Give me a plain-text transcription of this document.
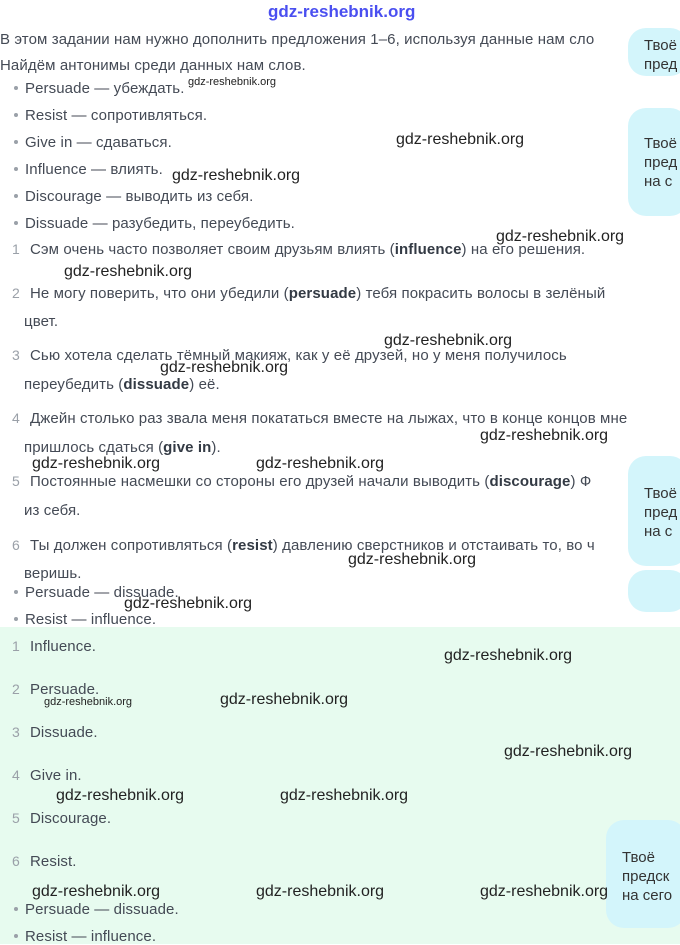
gdz-reshebnik.org
В этом задании нам нужно дополнить предложения 1–6, используя данные нам сло
Найдём антонимы среди данных нам слов.
Persuade — убеждать.
Resist — сопротивляться.
Give in — сдаваться.
Influence — влиять.
Discourage — выводить из себя.
Dissuade — разубедить, переубедить.
1 Сэм очень часто позволяет своим друзьям влиять (influence) на его решения.
2 Не могу поверить, что они убедили (persuade) тебя покрасить волосы в зелёный
цвет.
3 Сью хотела сделать тёмный макияж, как у её друзей, но у меня получилось
переубедить (dissuade) её.
4 Джейн столько раз звала меня покататься вместе на лыжах, что в конце концов мне
пришлось сдаться (give in).
5 Постоянные насмешки со стороны его друзей начали выводить (discourage) Ф
из себя.
6 Ты должен сопротивляться (resist) давлению сверстников и отстаивать то, во ч
веришь.
Persuade — dissuade.
Resist — influence.
1 Influence.
2 Persuade.
3 Dissuade.
4 Give in.
5 Discourage.
6 Resist.
Persuade — dissuade.
Resist — influence.
Твоё
пред
Твоё
пред
на с
Твоё
пред
на с
Твоё
предск
на сего
gdz-reshebnik.org
gdz-reshebnik.org
gdz-reshebnik.org
gdz-reshebnik.org
gdz-reshebnik.org
gdz-reshebnik.org
gdz-reshebnik.org
gdz-reshebnik.org
gdz-reshebnik.org	gdz-reshebnik.org
gdz-reshebnik.org
gdz-reshebnik.org
gdz-reshebnik.org
gdz-reshebnik.org	gdz-reshebnik.org
gdz-reshebnik.org
gdz-reshebnik.org	gdz-reshebnik.org
gdz-reshebnik.org	gdz-reshebnik.org	gdz-reshebnik.org
